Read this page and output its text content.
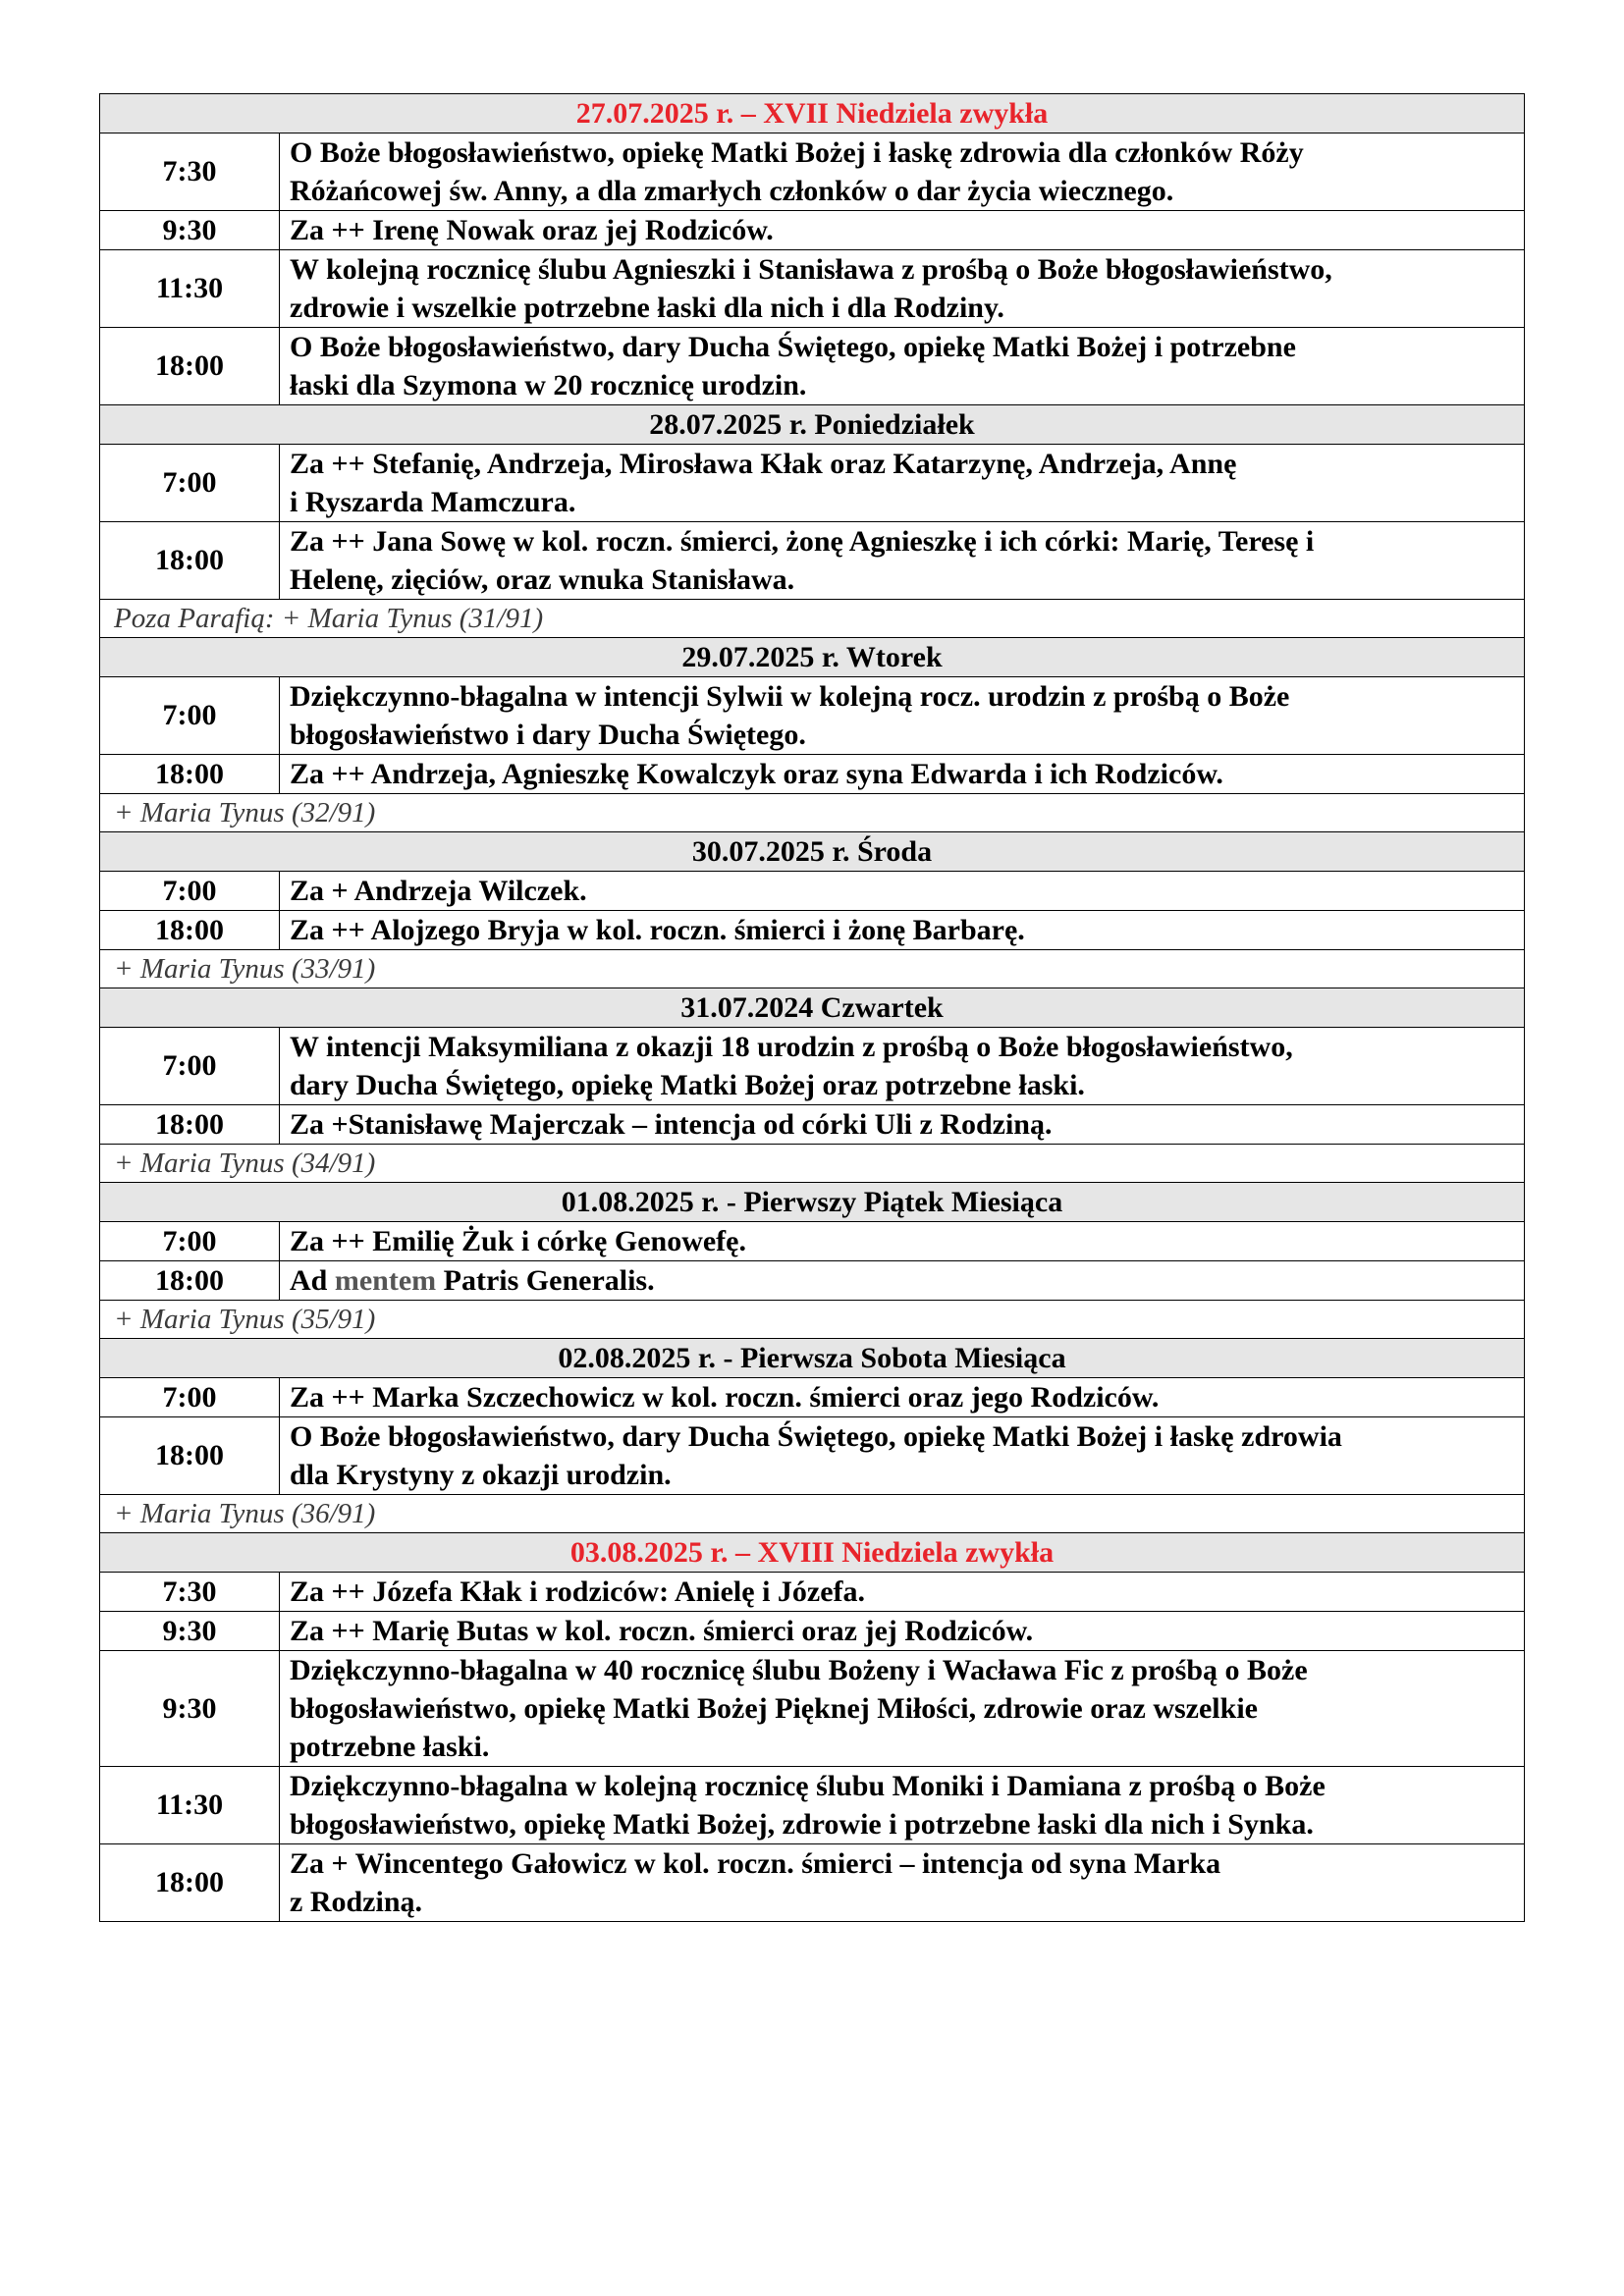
27.07.2025 r. – XVII Niedziela zwykła	
7:30	O Boże błogosławieństwo, opiekę Matki Bożej i łaskę zdrowia dla członków Róży
Różańcowej św. Anny, a dla zmarłych członków o dar życia wiecznego.

9:30	Za ++ Irenę Nowak oraz jej Rodziców.

11:30	W kolejną rocznicę ślubu Agnieszki i Stanisława z prośbą o Boże błogosławieństwo,
zdrowie i wszelkie potrzebne łaski dla nich i dla Rodziny.

18:00	O Boże błogosławieństwo, dary Ducha Świętego, opiekę Matki Bożej i potrzebne
łaski dla Szymona w 20 rocznicę urodzin.

28.07.2025 r. Poniedziałek	
7:00	Za ++ Stefanię, Andrzeja, Mirosława Kłak oraz Katarzynę, Andrzeja, Annę
i Ryszarda Mamczura.

18:00	Za ++ Jana Sowę w kol. roczn. śmierci, żonę Agnieszkę i ich córki: Marię, Teresę i
Helenę, zięciów, oraz wnuka Stanisława.

Poza Parafią: + Maria Tynus (31/91)	
29.07.2025 r. Wtorek	
7:00	Dziękczynno-błagalna w intencji Sylwii w kolejną rocz. urodzin z prośbą o Boże
błogosławieństwo i dary Ducha Świętego.

18:00	Za ++ Andrzeja, Agnieszkę Kowalczyk oraz syna Edwarda i ich Rodziców.

+ Maria Tynus (32/91)	
30.07.2025 r. Środa	
7:00	Za + Andrzeja Wilczek.

18:00	Za ++ Alojzego Bryja w kol. roczn. śmierci i żonę Barbarę.

+ Maria Tynus (33/91)	
31.07.2024 Czwartek	
7:00	W intencji Maksymiliana z okazji 18 urodzin z prośbą o Boże błogosławieństwo,
dary Ducha Świętego, opiekę Matki Bożej oraz potrzebne łaski.

18:00	Za +Stanisławę Majerczak – intencja od córki Uli z Rodziną.

+ Maria Tynus (34/91)	
01.08.2025 r. - Pierwszy Piątek Miesiąca	
7:00	Za ++ Emilię Żuk i córkę Genowefę.

18:00	Ad mentem Patris Generalis.

+ Maria Tynus (35/91)	
02.08.2025 r. - Pierwsza Sobota Miesiąca	
7:00	Za ++ Marka Szczechowicz w kol. roczn. śmierci oraz jego Rodziców.

18:00	O Boże błogosławieństwo, dary Ducha Świętego, opiekę Matki Bożej i łaskę zdrowia
dla Krystyny z okazji urodzin.

+ Maria Tynus (36/91)	
03.08.2025 r. – XVIII Niedziela zwykła	
7:30	Za ++ Józefa Kłak i rodziców: Anielę i Józefa.

9:30	Za ++ Marię Butas w kol. roczn. śmierci oraz jej Rodziców.

9:30	Dziękczynno-błagalna w 40 rocznicę ślubu Bożeny i Wacława Fic z prośbą o Boże
błogosławieństwo, opiekę Matki Bożej Pięknej Miłości, zdrowie oraz wszelkie
potrzebne łaski.

11:30	Dziękczynno-błagalna w kolejną rocznicę ślubu Moniki i Damiana z prośbą o Boże
błogosławieństwo, opiekę Matki Bożej, zdrowie i potrzebne łaski dla nich i Synka.

18:00	Za + Wincentego Gałowicz w kol. roczn. śmierci – intencja od syna Marka
z Rodziną.
